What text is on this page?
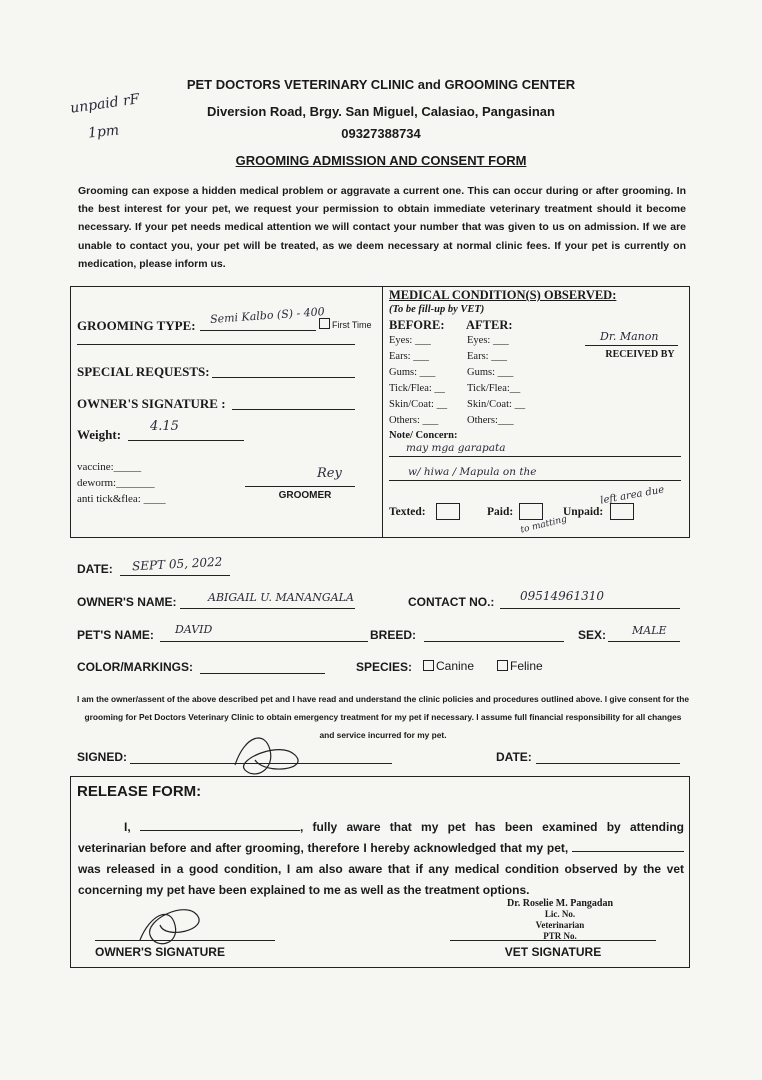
unpaid rF
1pm
PET DOCTORS VETERINARY CLINIC and GROOMING CENTER
Diversion Road, Brgy. San Miguel, Calasiao, Pangasinan
09327388734
GROOMING ADMISSION AND CONSENT FORM
Grooming can expose a hidden medical problem or aggravate a current one. This can occur during or after grooming. In the best interest for your pet, we request your permission to obtain immediate veterinary treatment should it become necessary. If your pet needs medical attention we will contact your number that was given to us on admission. If we are unable to contact you, your pet will be treated, as we deem necessary at normal clinic fees. If your pet is currently on medication, please inform us.
GROOMING TYPE: Semi Kalbo (S) - 400 First Time
SPECIAL REQUESTS:
OWNER'S SIGNATURE :
Weight:
4.15
vaccine:_____
deworm:_______
anti tick&flea: ____
Rey
GROOMER
MEDICAL CONDITION(S) OBSERVED:
(To be fill-up by VET)
BEFORE: AFTER:
Dr. Manon
RECEIVED BY
Eyes: ___	Eyes: ___
Ears: ___	Ears: ___
Gums: ___	Gums: ___
Tick/Flea: __ Tick/Flea:__
Skin/Coat: __ Skin/Coat: __
Others: ___	Others:___
Note/ Concern:
may mga garapata
w/ hiwa / Mapula on the
left area due
to matting
Texted:	Paid:	Unpaid:
DATE: SEPT 05, 2022
OWNER'S NAME:	ABIGAIL U. MANANGALA	CONTACT NO.: 09514961310
PET'S NAME: DAVID	BREED:	SEX: MALE
COLOR/MARKINGS:	SPECIES:	Canine	Feline
I am the owner/assent of the above described pet and I have read and understand the clinic policies and procedures outlined above. I give consent for the grooming for Pet Doctors Veterinary Clinic to obtain emergency treatment for my pet if necessary. I assume full financial responsibility for all changes and service incurred for my pet.
SIGNED:	DATE:
RELEASE FORM:
I,	, fully aware that my pet has been examined by attending veterinarian before and after grooming, therefore I hereby acknowledged that my pet,  was released in a good condition, I am also aware that if any medical condition observed by the vet concerning my pet have been explained to me as well as the treatment options.
OWNER'S SIGNATURE
Dr. Roselie M. Pangadan
Lic. No.
Veterinarian
PTR No.
VET SIGNATURE
